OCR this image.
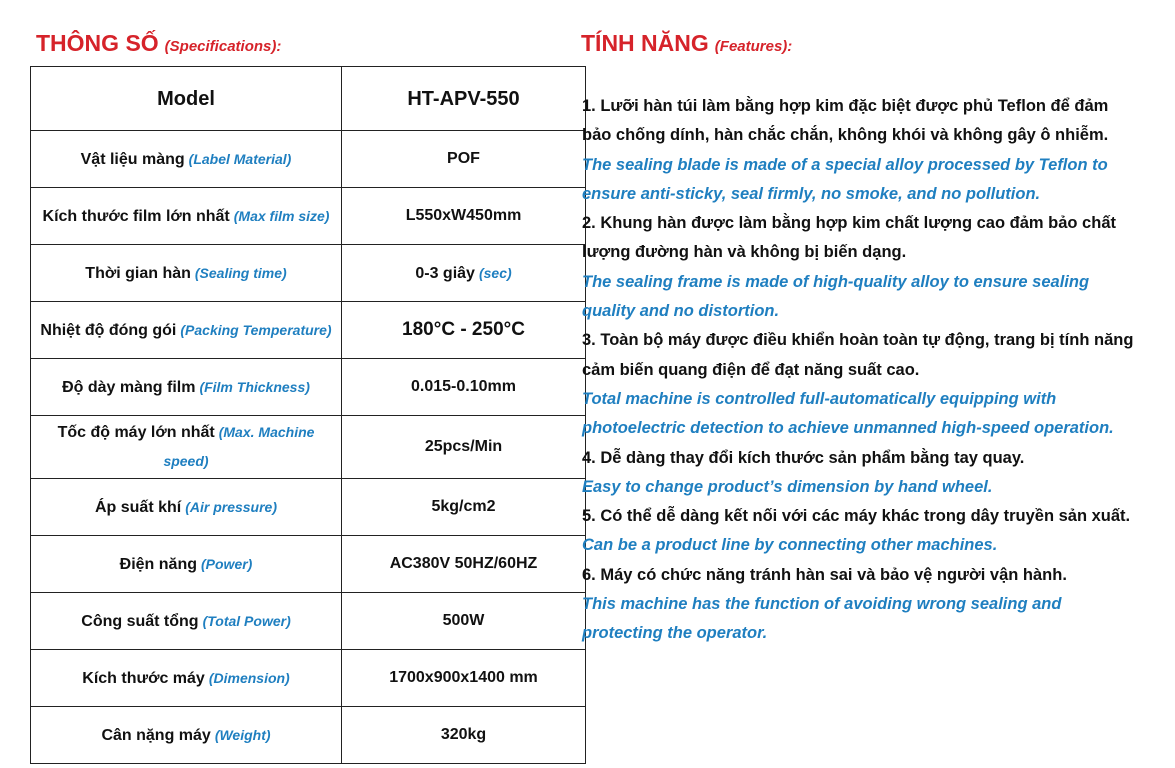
THÔNG SỐ (Specifications):	TÍNH NĂNG (Features):
Model	HT-APV-550
Vật liệu màng (Label Material)	POF
Kích thước film lớn nhất (Max film size)	L550xW450mm
Thời gian hàn (Sealing time)	0-3 giây (sec)
Nhiệt độ đóng gói (Packing Temperature)	180°C - 250°C
Độ dày màng film (Film Thickness)	0.015-0.10mm
Tốc độ máy lớn nhất (Max. Machine speed)	25pcs/Min
Áp suất khí (Air pressure)	5kg/cm2
Điện năng (Power)	AC380V 50HZ/60HZ
Công suất tổng (Total Power)	500W
Kích thước máy (Dimension)	1700x900x1400 mm
Cân nặng máy (Weight)	320kg

1. Lưỡi hàn túi làm bằng hợp kim đặc biệt được phủ Teflon để đảm bảo chống dính, hàn chắc chắn, không khói và không gây ô nhiễm.

The sealing blade is made of a special alloy processed by Teflon to ensure anti-sticky, seal firmly, no smoke, and no pollution.

2. Khung hàn được làm bằng hợp kim chất lượng cao đảm bảo chất lượng đường hàn và không bị biến dạng.

The sealing frame is made of high-quality alloy to ensure sealing quality and no distortion.

3. Toàn bộ máy được điều khiển hoàn toàn tự động, trang bị tính năng cảm biến quang điện để đạt năng suất cao.

Total machine is controlled full-automatically equipping with photoelectric detection to achieve unmanned high-speed operation.

4. Dễ dàng thay đổi kích thước sản phẩm bằng tay quay.

Easy to change product’s dimension by hand wheel.

5. Có thể dễ dàng kết nối với các máy khác trong dây truyền sản xuất.

Can be a product line by connecting other machines.

6. Máy có chức năng tránh hàn sai và bảo vệ người vận hành.

This machine has the function of avoiding wrong sealing and protecting the operator.
